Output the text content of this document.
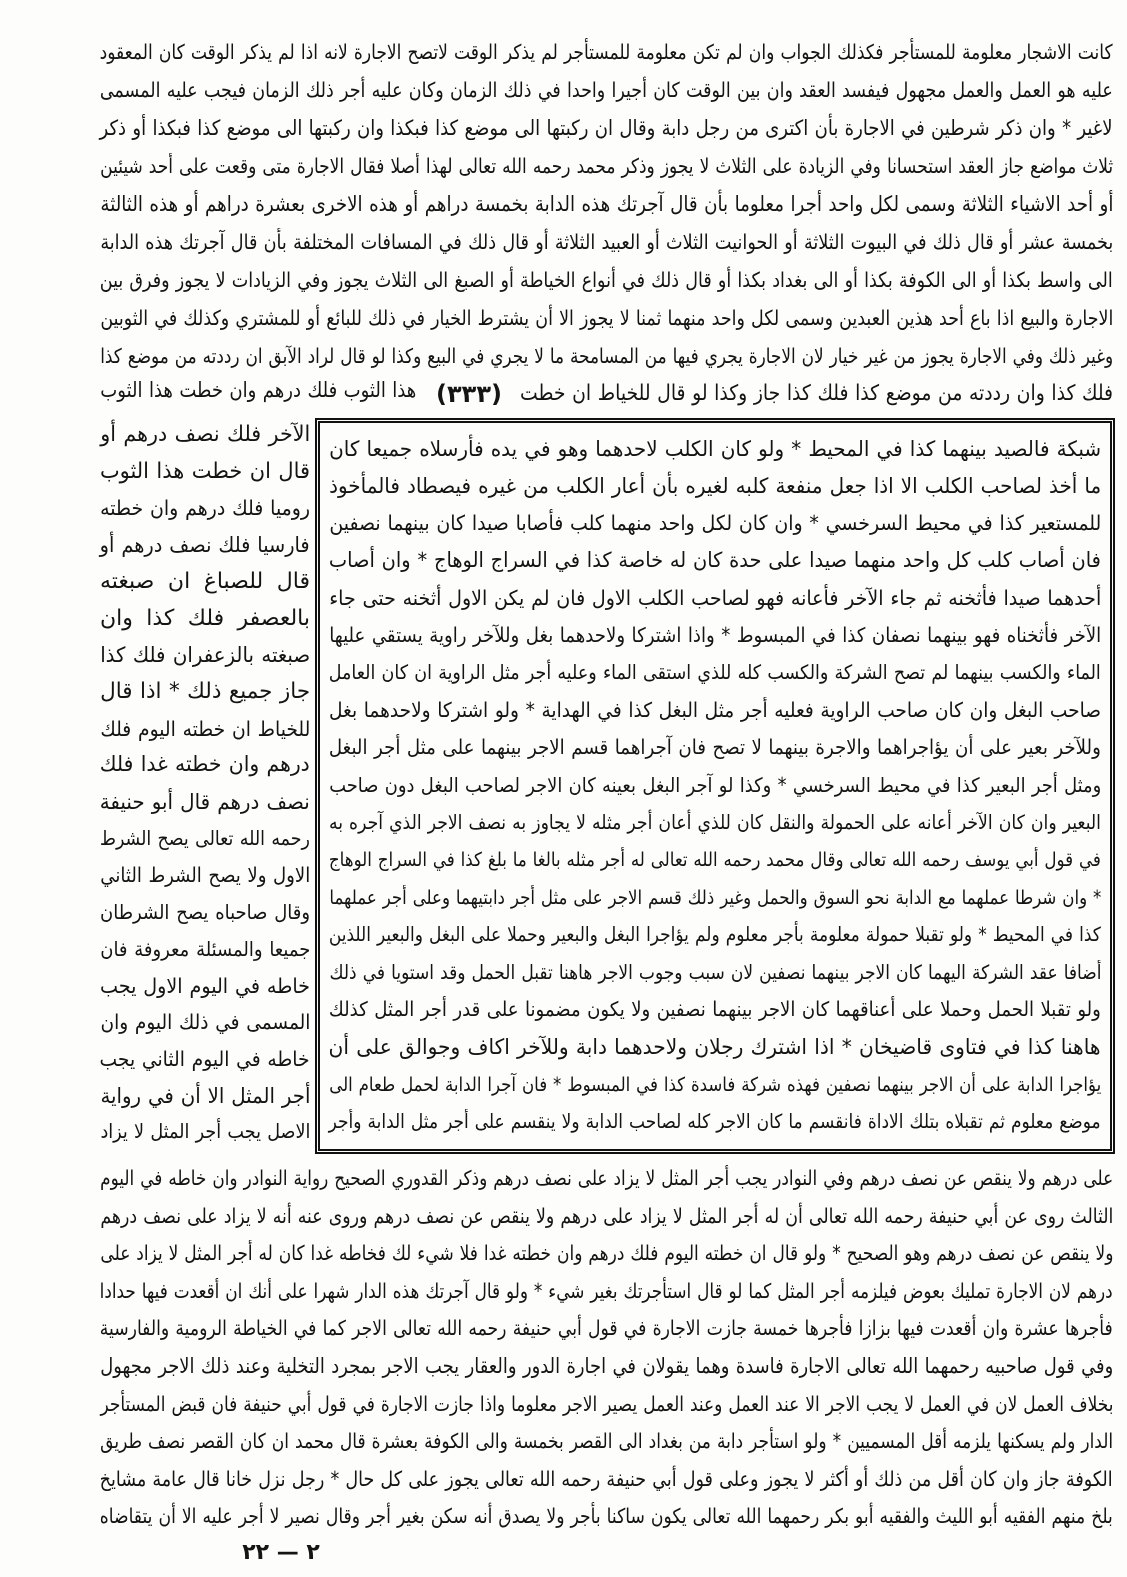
كانت الاشجار معلومة للمستأجر فكذلك الجواب وان لم تكن معلومة للمستأجر لم يذكر الوقت لاتصح الاجارة لانه اذا لم يذكر الوقت كان المعقود
عليه هو العمل والعمل مجهول فيفسد العقد وان بين الوقت كان أجيرا واحدا في ذلك الزمان وكان عليه أجر ذلك الزمان فيجب عليه المسمى
لاغير * وان ذكر شرطين في الاجارة بأن اكترى من رجل دابة وقال ان ركبتها الى موضع كذا فبكذا وان ركبتها الى موضع كذا فبكذا أو ذكر
ثلاث مواضع جاز العقد استحسانا وفي الزيادة على الثلاث لا يجوز وذكر محمد رحمه الله تعالى لهذا أصلا فقال الاجارة متى وقعت على أحد شيئين
أو أحد الاشياء الثلاثة وسمى لكل واحد أجرا معلوما بأن قال آجرتك هذه الدابة بخمسة دراهم أو هذه الاخرى بعشرة دراهم أو هذه الثالثة
بخمسة عشر أو قال ذلك في البيوت الثلاثة أو الحوانيت الثلاث أو العبيد الثلاثة أو قال ذلك في المسافات المختلفة بأن قال آجرتك هذه الدابة
الى واسط بكذا أو الى الكوفة بكذا أو الى بغداد بكذا أو قال ذلك في أنواع الخياطة أو الصبغ الى الثلاث يجوز وفي الزيادات لا يجوز وفرق بين
الاجارة والبيع اذا باع أحد هذين العبدين وسمى لكل واحد منهما ثمنا لا يجوز الا أن يشترط الخيار في ذلك للبائع أو للمشتري وكذلك في الثوبين
وغير ذلك وفي الاجارة يجوز من غير خيار لان الاجارة يجري فيها من المسامحة ما لا يجري في البيع وكذا لو قال لراد الآبق ان رددته من موضع كذا
فلك كذا وان رددته من موضع كذا فلك كذا جاز وكذا لو قال للخياط ان خطت
(٣٣٣)
هذا الثوب فلك درهم وان خطت هذا الثوب
شبكة فالصيد بينهما كذا في المحيط * ولو كان الكلب لاحدهما وهو في يده فأرسلاه جميعا كان
ما أخذ لصاحب الكلب الا اذا جعل منفعة كلبه لغيره بأن أعار الكلب من غيره فيصطاد فالمأخوذ
للمستعير كذا في محيط السرخسي * وان كان لكل واحد منهما كلب فأصابا صيدا كان بينهما نصفين
فان أصاب كلب كل واحد منهما صيدا على حدة كان له خاصة كذا في السراج الوهاج * وان أصاب
أحدهما صيدا فأثخنه ثم جاء الآخر فأعانه فهو لصاحب الكلب الاول فان لم يكن الاول أثخنه حتى جاء
الآخر فأثخناه فهو بينهما نصفان كذا في المبسوط * واذا اشتركا ولاحدهما بغل وللآخر راوية يستقي عليها
الماء والكسب بينهما لم تصح الشركة والكسب كله للذي استقى الماء وعليه أجر مثل الراوية ان كان العامل
صاحب البغل وان كان صاحب الراوية فعليه أجر مثل البغل كذا في الهداية * ولو اشتركا ولاحدهما بغل
وللآخر بعير على أن يؤاجراهما والاجرة بينهما لا تصح فان آجراهما قسم الاجر بينهما على مثل أجر البغل
ومثل أجر البعير كذا في محيط السرخسي * وكذا لو آجر البغل بعينه كان الاجر لصاحب البغل دون صاحب
البعير وان كان الآخر أعانه على الحمولة والنقل كان للذي أعان أجر مثله لا يجاوز به نصف الاجر الذي آجره به
في قول أبي يوسف رحمه الله تعالى وقال محمد رحمه الله تعالى له أجر مثله بالغا ما بلغ كذا في السراج الوهاج
* وان شرطا عملهما مع الدابة نحو السوق والحمل وغير ذلك قسم الاجر على مثل أجر دابتيهما وعلى أجر عملهما
كذا في المحيط * ولو تقبلا حمولة معلومة بأجر معلوم ولم يؤاجرا البغل والبعير وحملا على البغل والبعير اللذين
أضافا عقد الشركة اليهما كان الاجر بينهما نصفين لان سبب وجوب الاجر هاهنا تقبل الحمل وقد استويا في ذلك
ولو تقبلا الحمل وحملا على أعناقهما كان الاجر بينهما نصفين ولا يكون مضمونا على قدر أجر المثل كذلك
هاهنا كذا في فتاوى قاضيخان * اذا اشترك رجلان ولاحدهما دابة وللآخر اكاف وجوالق على أن
يؤاجرا الدابة على أن الاجر بينهما نصفين فهذه شركة فاسدة كذا في المبسوط * فان آجرا الدابة لحمل طعام الى
موضع معلوم ثم تقبلاه بتلك الاداة فانقسم ما كان الاجر كله لصاحب الدابة ولا ينقسم على أجر مثل الدابة وأجر
الآخر فلك نصف درهم أو
قال ان خطت هذا الثوب
روميا فلك درهم وان خطته
فارسيا فلك نصف درهم أو
قال للصباغ ان صبغته
بالعصفر فلك كذا وان
صبغته بالزعفران فلك كذا
جاز جميع ذلك * اذا قال
للخياط ان خطته اليوم فلك
درهم وان خطته غدا فلك
نصف درهم قال أبو حنيفة
رحمه الله تعالى يصح الشرط
الاول ولا يصح الشرط الثاني
وقال صاحباه يصح الشرطان
جميعا والمسئلة معروفة فان
خاطه في اليوم الاول يجب
المسمى في ذلك اليوم وان
خاطه في اليوم الثاني يجب
أجر المثل الا أن في رواية
الاصل يجب أجر المثل لا يزاد
على درهم ولا ينقص عن نصف درهم وفي النوادر يجب أجر المثل لا يزاد على نصف درهم وذكر القدوري الصحيح رواية النوادر وان خاطه في اليوم
الثالث روى عن أبي حنيفة رحمه الله تعالى أن له أجر المثل لا يزاد على درهم ولا ينقص عن نصف درهم وروى عنه أنه لا يزاد على نصف درهم
ولا ينقص عن نصف درهم وهو الصحيح * ولو قال ان خطته اليوم فلك درهم وان خطته غدا فلا شيء لك فخاطه غدا كان له أجر المثل لا يزاد على
درهم لان الاجارة تمليك بعوض فيلزمه أجر المثل كما لو قال استأجرتك بغير شيء * ولو قال آجرتك هذه الدار شهرا على أنك ان أقعدت فيها حدادا
فأجرها عشرة وان أقعدت فيها بزازا فأجرها خمسة جازت الاجارة في قول أبي حنيفة رحمه الله تعالى الاجر كما في الخياطة الرومية والفارسية
وفي قول صاحبيه رحمهما الله تعالى الاجارة فاسدة وهما يقولان في اجارة الدور والعقار يجب الاجر بمجرد التخلية وعند ذلك الاجر مجهول
بخلاف العمل لان في العمل لا يجب الاجر الا عند العمل وعند العمل يصير الاجر معلوما واذا جازت الاجارة في قول أبي حنيفة فان قبض المستأجر
الدار ولم يسكنها يلزمه أقل المسميين * ولو استأجر دابة من بغداد الى القصر بخمسة والى الكوفة بعشرة قال محمد ان كان القصر نصف طريق
الكوفة جاز وان كان أقل من ذلك أو أكثر لا يجوز وعلى قول أبي حنيفة رحمه الله تعالى يجوز على كل حال * رجل نزل خانا قال عامة مشايخ
بلخ منهم الفقيه أبو الليث والفقيه أبو بكر رحمهما الله تعالى يكون ساكنا بأجر ولا يصدق أنه سكن بغير أجر وقال نصير لا أجر عليه الا أن يتقاضاه
٢ — ٢٢
